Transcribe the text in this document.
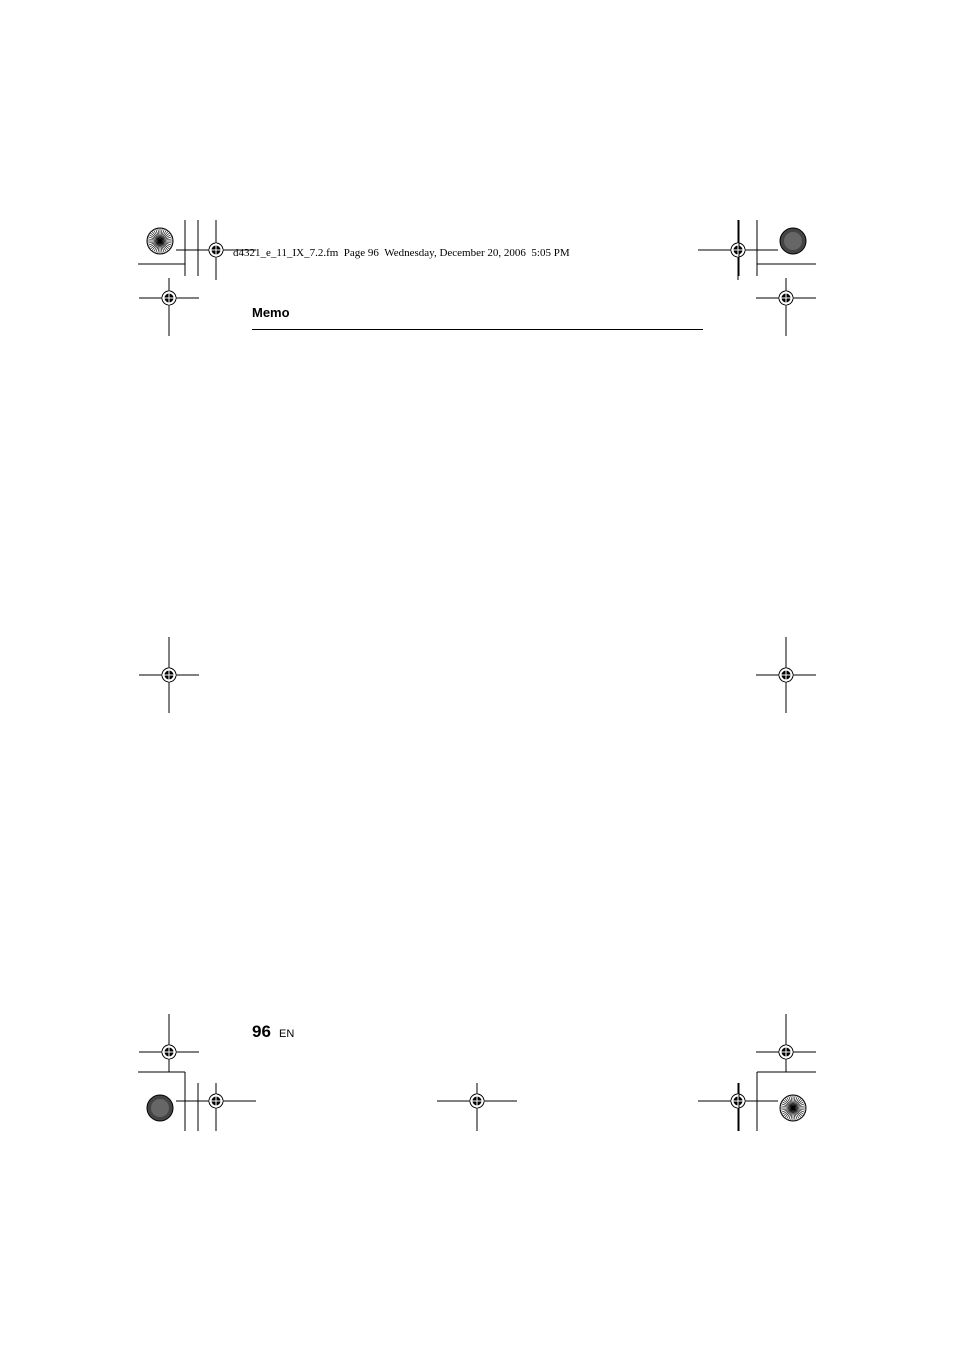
d4321_e_11_IX_7.2.fm  Page 96  Wednesday, December 20, 2006  5:05 PM
Memo
96 EN
